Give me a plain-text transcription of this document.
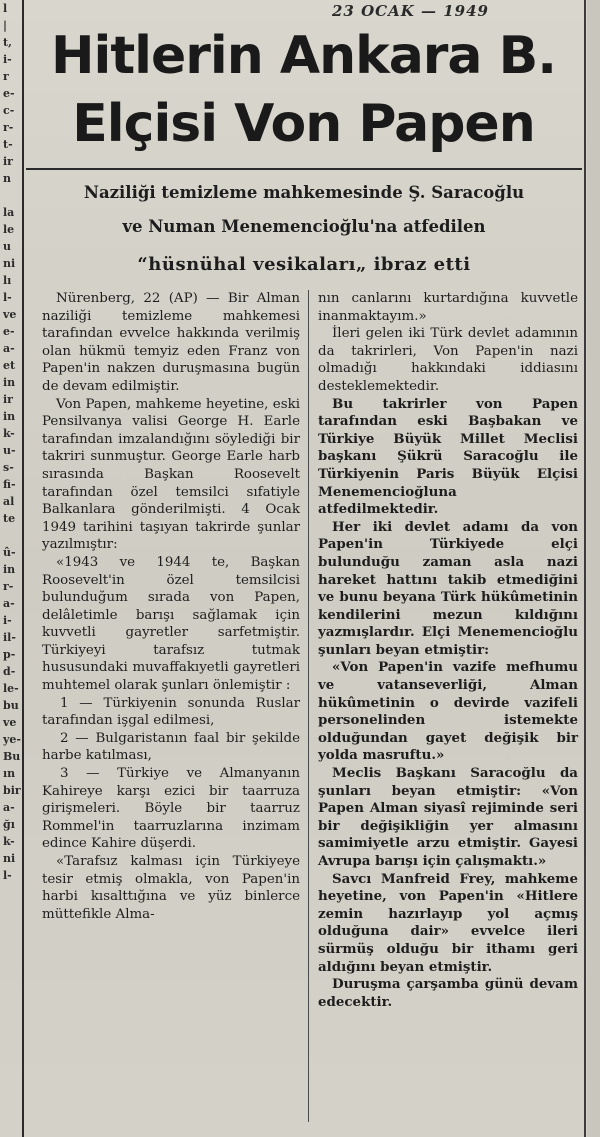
l
|
t,
i-
r
e-
c-
r-
t-
ir
n
la
le
u
ni
lı
l-
ve
e-
a-
et
in
ir
in
k-
u-
s-
fi-
al
te
û-
in
r-
a-
i-
il-
p-
d-
le-
bu
ve
ye-
Bu
ın
bir
a-
ğı
k-
ni
l-
23 OCAK — 1949
Hitlerin Ankara B.
Elçisi Von Papen
Naziliği temizleme mahkemesinde Ş. Saracoğlu
ve Numan Menemencioğlu'na atfedilen
“hüsnühal vesikaları„ ibraz etti

Nürenberg, 22 (AP) — Bir Alman naziliği temizleme mahkemesi tarafından evvelce hakkında verilmiş olan hükmü temyiz eden Franz von Papen'in nakzen duruşmasına bugün de devam edilmiştir.

Von Papen, mahkeme heyetine, eski Pensilvanya valisi George H. Earle tarafından imzalandığını söylediği bir takriri sunmuştur. George Earle harb sırasında Başkan Roosevelt tarafından özel temsilci sıfatiyle Balkanlara gönderilmişti. 4 Ocak 1949 tarihini taşıyan takrirde şunlar yazılmıştır:

«1943 ve 1944 te, Başkan Roosevelt'in özel temsilcisi bulunduğum sırada von Papen, delâletimle barışı sağlamak için kuvvetli gayretler sarfetmiştir. Türkiyeyi tarafsız tutmak hususundaki muvaffakıyetli gayretleri muhtemel olarak şunları önlemiştir :

1 — Türkiyenin sonunda Ruslar tarafından işgal edilmesi,

2 — Bulgaristanın faal bir şekilde harbe katılması,

3 — Türkiye ve Almanyanın Kahireye karşı ezici bir taarruza girişmeleri. Böyle bir taarruz Rommel'in taarruzlarına inzimam edince Kahire düşerdi.

«Tarafsız kalması için Türkiyeye tesir etmiş olmakla, von Papen'in harbi kısalttığına ve yüz binlerce müttefikle Alma-

nın canlarını kurtardığına kuvvetle inanmaktayım.»

İleri gelen iki Türk devlet adamının da takrirleri, Von Papen'in nazi olmadığı hakkındaki iddiasını desteklemektedir.

Bu takrirler von Papen tarafından eski Başbakan ve Türkiye Büyük Millet Meclisi başkanı Şükrü Saracoğlu ile Türkiyenin Paris Büyük Elçisi Menemencioğluna atfedilmektedir.

Her iki devlet adamı da von Papen'in Türkiyede elçi bulunduğu zaman asla nazi hareket hattını takib etmediğini ve bunu beyana Türk hükûmetinin kendilerini mezun kıldığını yazmışlardır. Elçi Menemencioğlu şunları beyan etmiştir:

«Von Papen'in vazife mefhumu ve vatanseverliği, Alman hükûmetinin o devirde vazifeli personelinden istemekte olduğundan gayet değişik bir yolda masruftu.»

Meclis Başkanı Saracoğlu da şunları beyan etmiştir: «Von Papen Alman siyasî rejiminde seri bir değişikliğin yer almasını samimiyetle arzu etmiştir. Gayesi Avrupa barışı için çalışmaktı.»

Savcı Manfreid Frey, mahkeme heyetine, von Papen'in «Hitlere zemin hazırlayıp yol açmış olduğuna dair» evvelce ileri sürmüş olduğu bir ithamı geri aldığını beyan etmiştir.

Duruşma çarşamba günü devam edecektir.
